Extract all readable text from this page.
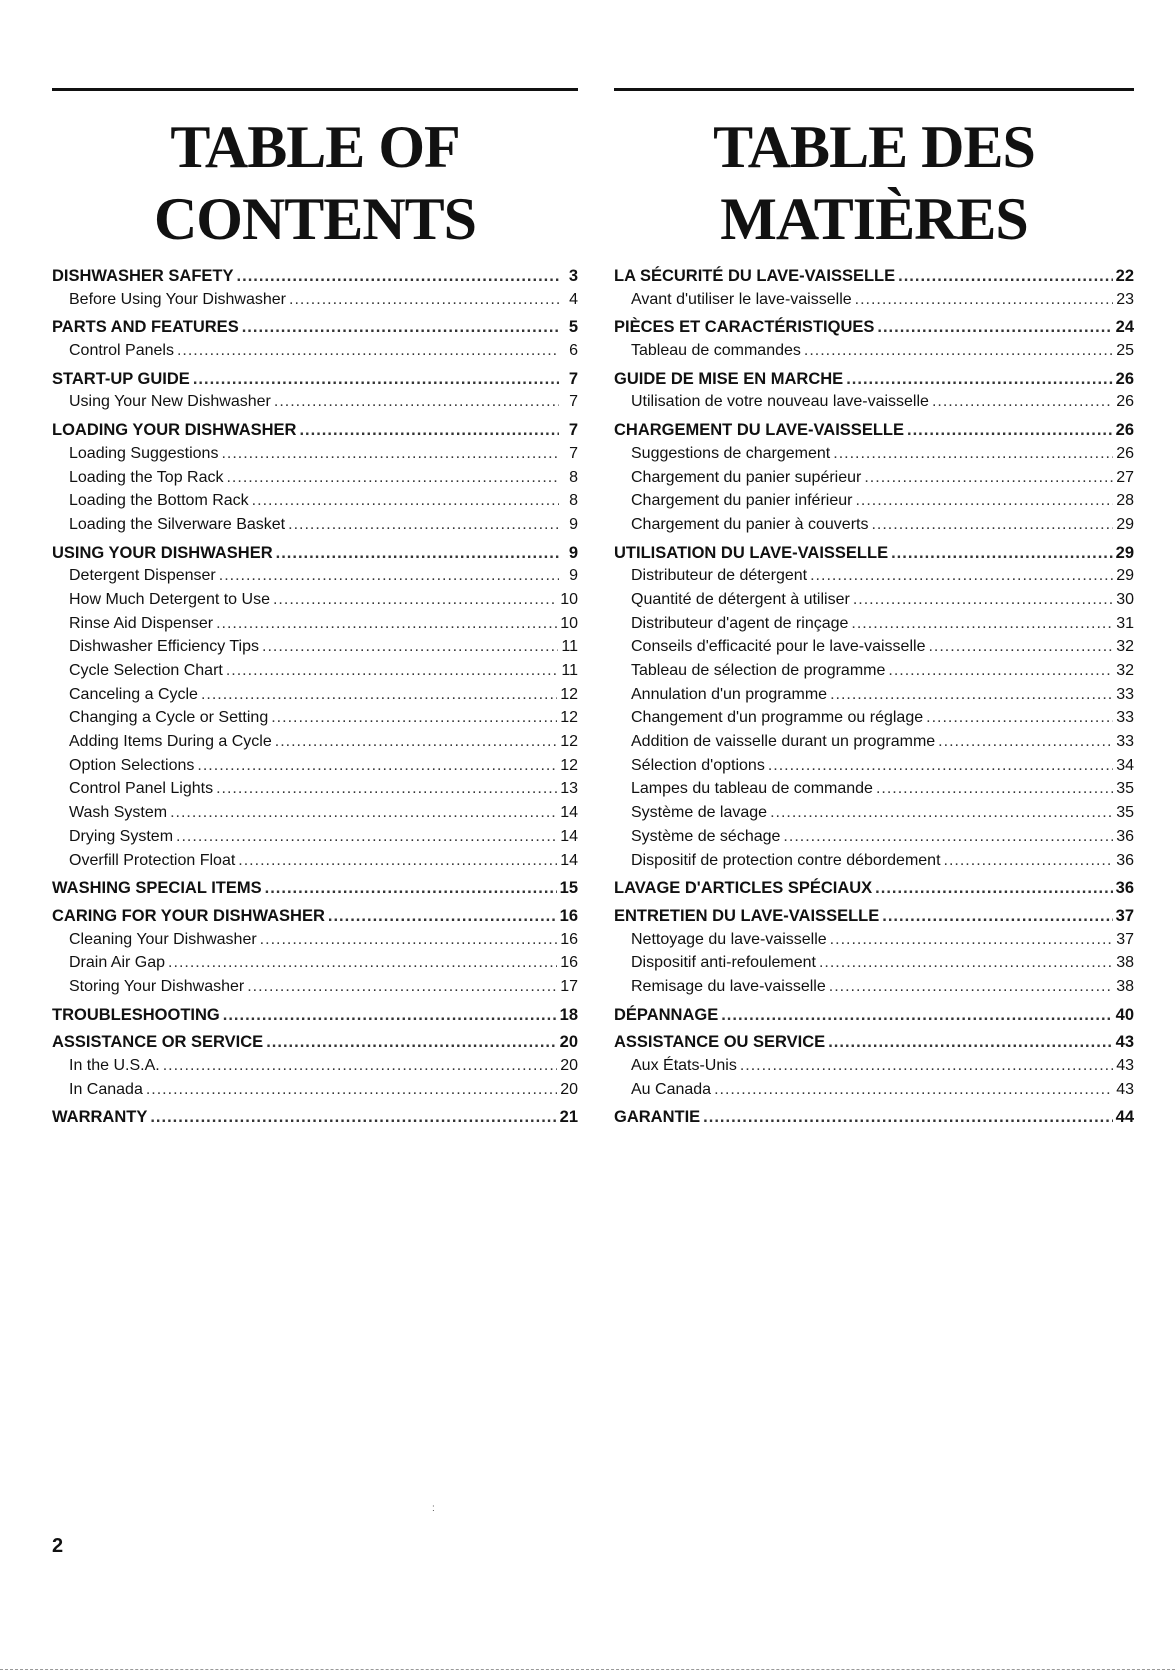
TABLE OF
CONTENTS
DISHWASHER SAFETY .....	3
Before Using Your Dishwasher .....	4
PARTS AND FEATURES .....	5
Control Panels .....	6
START-UP GUIDE .....	7
Using Your New Dishwasher .....	7
LOADING YOUR DISHWASHER .....	7
Loading Suggestions .....	7
Loading the Top Rack .....	8
Loading the Bottom Rack .....	8
Loading the Silverware Basket .....	9
USING YOUR DISHWASHER .....	9
Detergent Dispenser .....	9
How Much Detergent to Use .....	10
Rinse Aid Dispenser .....	10
Dishwasher Efficiency Tips .....	11
Cycle Selection Chart .....	11
Canceling a Cycle .....	12
Changing a Cycle or Setting .....	12
Adding Items During a Cycle .....	12
Option Selections .....	12
Control Panel Lights .....	13
Wash System .....	14
Drying System .....	14
Overfill Protection Float .....	14
WASHING SPECIAL ITEMS .....	15
CARING FOR YOUR DISHWASHER .....	16
Cleaning Your Dishwasher .....	16
Drain Air Gap .....	16
Storing Your Dishwasher .....	17
TROUBLESHOOTING .....	18
ASSISTANCE OR SERVICE .....	20
In the U.S.A. .....	20
In Canada .....	20
WARRANTY .....	21
TABLE DES
MATIÈRES
LA SÉCURITÉ DU LAVE-VAISSELLE .....	22
Avant d'utiliser le lave-vaisselle .....	23
PIÈCES ET CARACTÉRISTIQUES .....	24
Tableau de commandes .....	25
GUIDE DE MISE EN MARCHE .....	26
Utilisation de votre nouveau lave-vaisselle .....	26
CHARGEMENT DU LAVE-VAISSELLE .....	26
Suggestions de chargement .....	26
Chargement du panier supérieur .....	27
Chargement du panier inférieur .....	28
Chargement du panier à couverts .....	29
UTILISATION DU LAVE-VAISSELLE .....	29
Distributeur de détergent .....	29
Quantité de détergent à utiliser .....	30
Distributeur d'agent de rinçage .....	31
Conseils d'efficacité pour le lave-vaisselle .....	32
Tableau de sélection de programme .....	32
Annulation d'un programme .....	33
Changement d'un programme ou réglage .....	33
Addition de vaisselle durant un programme .....	33
Sélection d'options .....	34
Lampes du tableau de commande .....	35
Système de lavage .....	35
Système de séchage .....	36
Dispositif de protection contre débordement .....	36
LAVAGE D'ARTICLES SPÉCIAUX .....	36
ENTRETIEN DU LAVE-VAISSELLE .....	37
Nettoyage du lave-vaisselle .....	37
Dispositif anti-refoulement .....	38
Remisage du lave-vaisselle .....	38
DÉPANNAGE .....	40
ASSISTANCE OU SERVICE .....	43
Aux États-Unis .....	43
Au Canada .....	43
GARANTIE .....	44
:
2
